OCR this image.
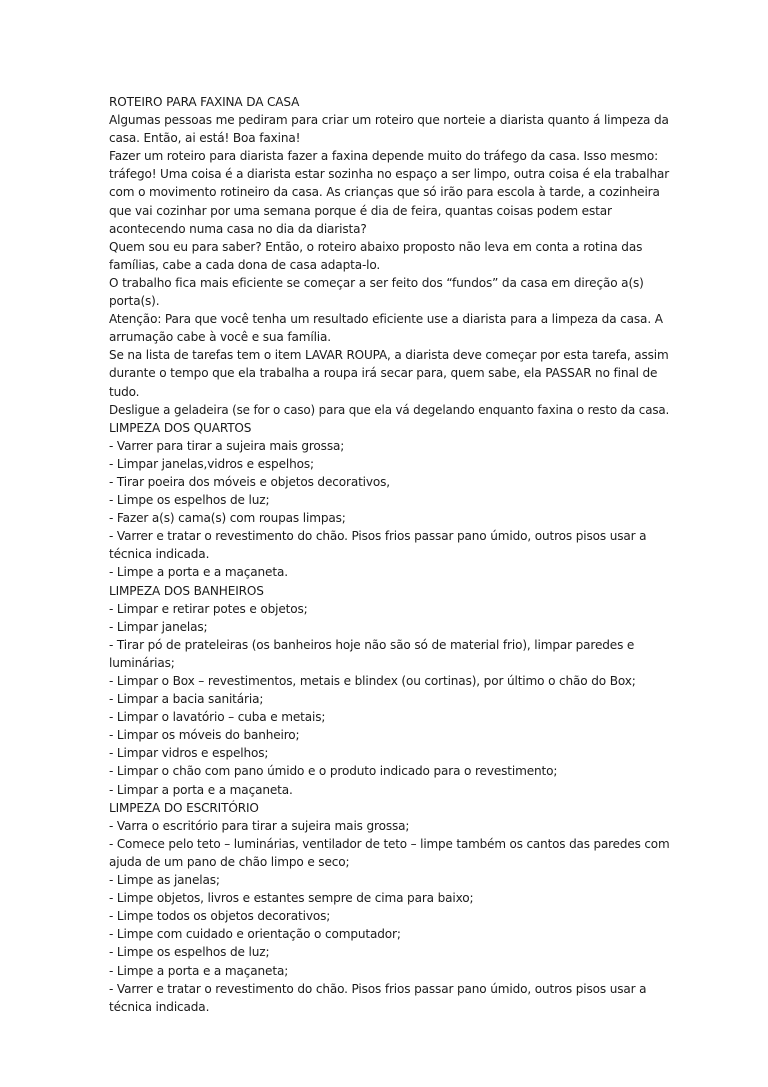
ROTEIRO PARA FAXINA DA CASA
Algumas pessoas me pediram para criar um roteiro que norteie a diarista quanto á limpeza da
casa. Então, ai está! Boa faxina!
Fazer um roteiro para diarista fazer a faxina depende muito do tráfego da casa. Isso mesmo:
tráfego! Uma coisa é a diarista estar sozinha no espaço a ser limpo, outra coisa é ela trabalhar
com o movimento rotineiro da casa. As crianças que só irão para escola à tarde, a cozinheira
que vai cozinhar por uma semana porque é dia de feira, quantas coisas podem estar
acontecendo numa casa no dia da diarista?
Quem sou eu para saber? Então, o roteiro abaixo proposto não leva em conta a rotina das
famílias, cabe a cada dona de casa adapta-lo.
O trabalho fica mais eficiente se começar a ser feito dos “fundos” da casa em direção a(s)
porta(s).
Atenção: Para que você tenha um resultado eficiente use a diarista para a limpeza da casa. A
arrumação cabe à você e sua família.
Se na lista de tarefas tem o item LAVAR ROUPA, a diarista deve começar por esta tarefa, assim
durante o tempo que ela trabalha a roupa irá secar para, quem sabe, ela PASSAR no final de
tudo.
Desligue a geladeira (se for o caso) para que ela vá degelando enquanto faxina o resto da casa.
LIMPEZA DOS QUARTOS
- Varrer para tirar a sujeira mais grossa;
- Limpar janelas,vidros e espelhos;
- Tirar poeira dos móveis e objetos decorativos,
- Limpe os espelhos de luz;
- Fazer a(s) cama(s) com roupas limpas;
- Varrer e tratar o revestimento do chão. Pisos frios passar pano úmido, outros pisos usar a
técnica indicada.
- Limpe a porta e a maçaneta.
LIMPEZA DOS BANHEIROS
- Limpar e retirar potes e objetos;
- Limpar janelas;
- Tirar pó de prateleiras (os banheiros hoje não são só de material frio), limpar paredes e
luminárias;
- Limpar o Box – revestimentos, metais e blindex (ou cortinas), por último o chão do Box;
- Limpar a bacia sanitária;
- Limpar o lavatório – cuba e metais;
- Limpar os móveis do banheiro;
- Limpar vidros e espelhos;
- Limpar o chão com pano úmido e o produto indicado para o revestimento;
- Limpar a porta e a maçaneta.
LIMPEZA DO ESCRITÓRIO
- Varra o escritório para tirar a sujeira mais grossa;
- Comece pelo teto – luminárias, ventilador de teto – limpe também os cantos das paredes com
ajuda de um pano de chão limpo e seco;
- Limpe as janelas;
- Limpe objetos, livros e estantes sempre de cima para baixo;
- Limpe todos os objetos decorativos;
- Limpe com cuidado e orientação o computador;
- Limpe os espelhos de luz;
- Limpe a porta e a maçaneta;
- Varrer e tratar o revestimento do chão. Pisos frios passar pano úmido, outros pisos usar a
técnica indicada.
